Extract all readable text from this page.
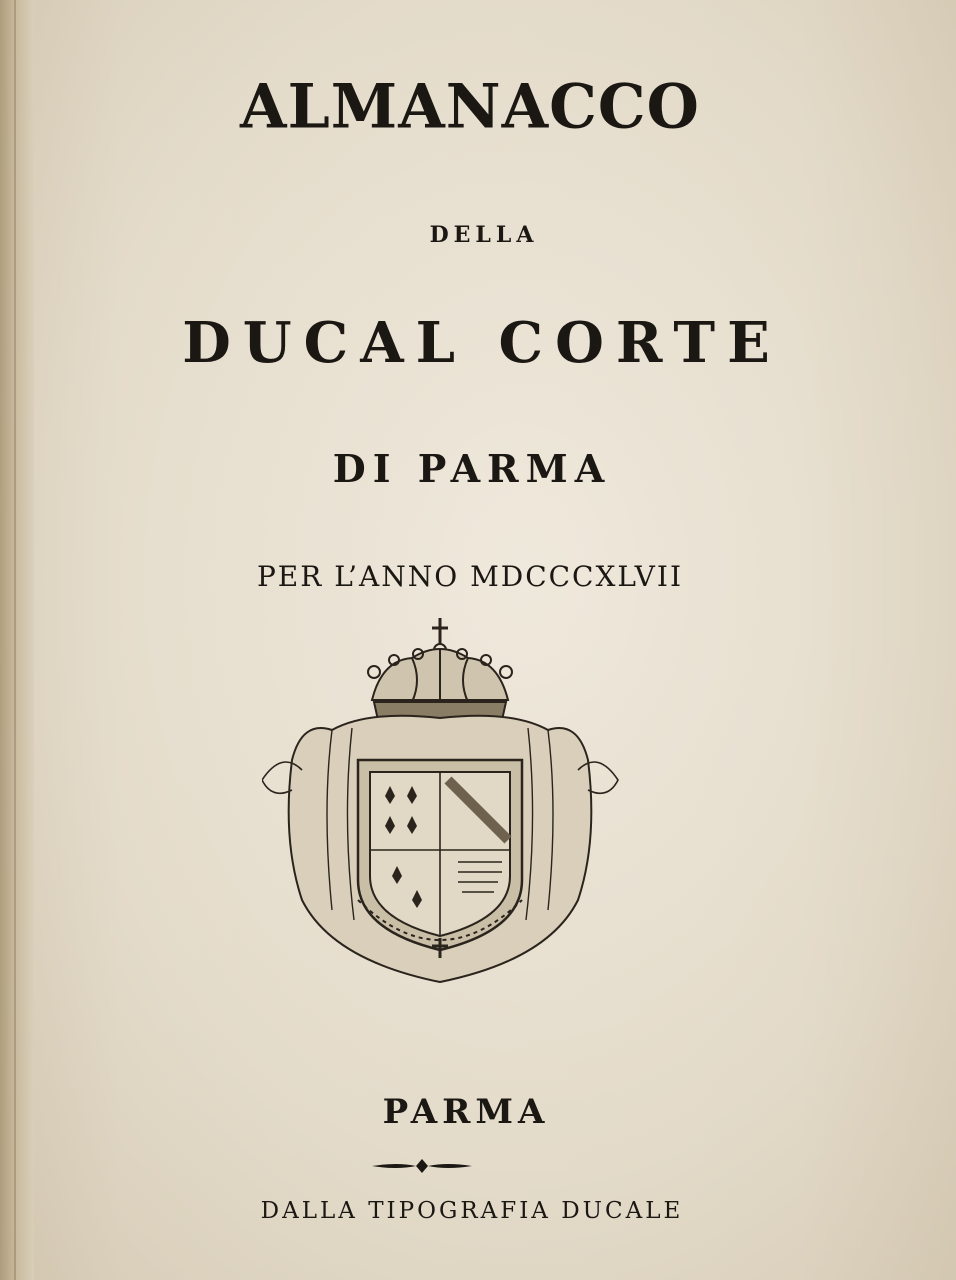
ALMANACCO
DELLA
DUCAL CORTE
DI PARMA
PER L’ANNO MDCCCXLVII
PARMA
DALLA TIPOGRAFIA DUCALE
